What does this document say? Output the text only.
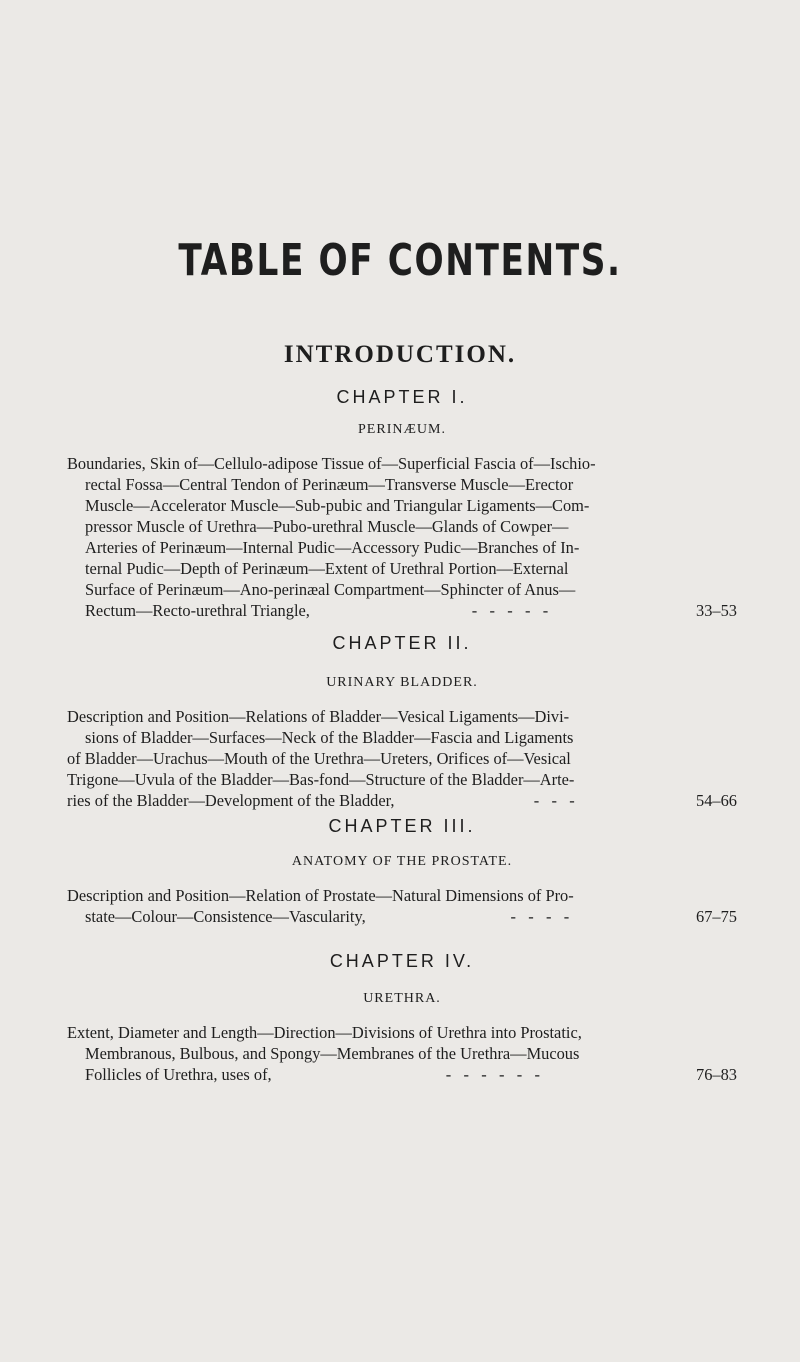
TABLE OF CONTENTS.
INTRODUCTION.

CHAPTER I.

PERINÆUM.

Boundaries, Skin of—Cellulo-adipose Tissue of—Superficial Fascia of—Ischio-
rectal Fossa—Central Tendon of Perinæum—Transverse Muscle—Erector
Muscle—Accelerator Muscle—Sub-pubic and Triangular Ligaments—Com-
pressor Muscle of Urethra—Pubo-urethral Muscle—Glands of Cowper—
Arteries of Perinæum—Internal Pudic—Accessory Pudic—Branches of In-
ternal Pudic—Depth of Perinæum—Extent of Urethral Portion—External
Surface of Perinæum—Ano-perinæal Compartment—Sphincter of Anus—
Rectum—Recto-urethral Triangle,	-   -   -   -   -	33–53

CHAPTER II.

URINARY BLADDER.

Description and Position—Relations of Bladder—Vesical Ligaments—Divi-
sions of Bladder—Surfaces—Neck of the Bladder—Fascia and Ligaments
of Bladder—Urachus—Mouth of the Urethra—Ureters, Orifices of—Vesical
Trigone—Uvula of the Bladder—Bas-fond—Structure of the Bladder—Arte-
ries of the Bladder—Development of the Bladder,	-   -   -	54–66

CHAPTER III.

ANATOMY OF THE PROSTATE.

Description and Position—Relation of Prostate—Natural Dimensions of Pro-
state—Colour—Consistence—Vascularity,	-   -   -   -	67–75

CHAPTER IV.

URETHRA.

Extent, Diameter and Length—Direction—Divisions of Urethra into Prostatic,
Membranous, Bulbous, and Spongy—Membranes of the Urethra—Mucous
Follicles of Urethra, uses of,	-   -   -   -   -   -	76–83
